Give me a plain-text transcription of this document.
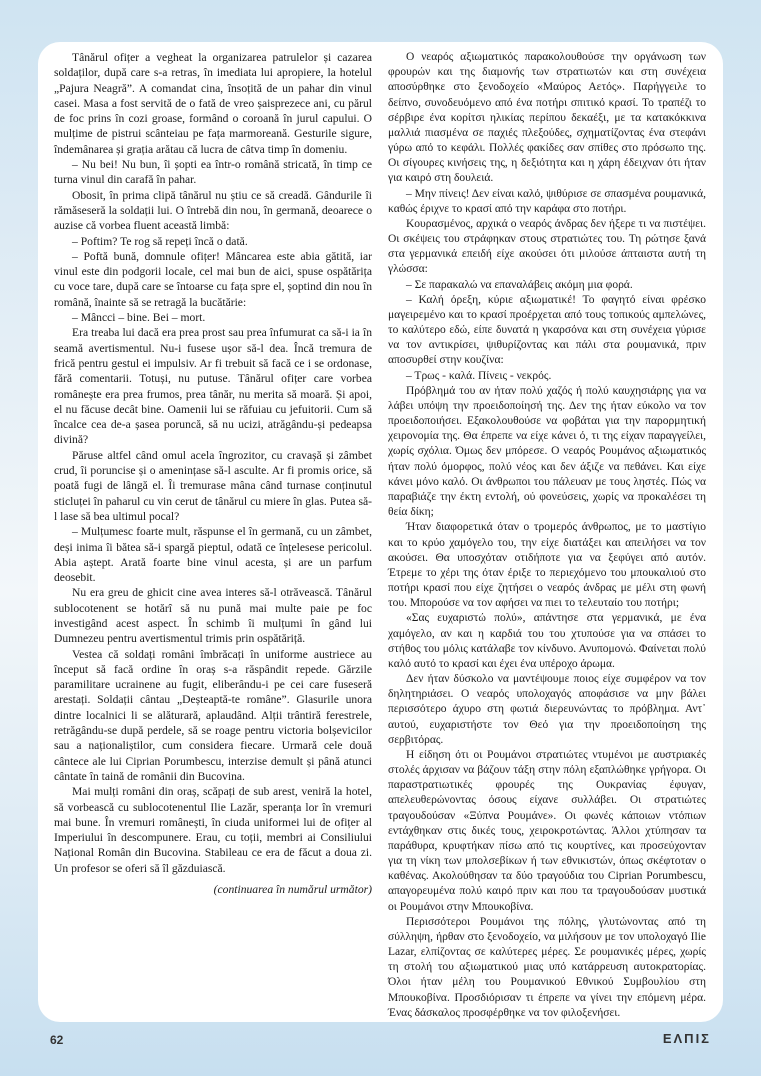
Tânărul ofițer a vegheat la organizarea patrulelor și cazarea soldaților, după care s-a retras, în imediata lui apropiere, la hotelul „Pajura Neagră”. A comandat cina, însoțită de un pahar din vinul casei. Masa a fost servită de o fată de vreo șaisprezece ani, cu părul de foc prins în cozi groase, formând o coroană în jurul capului. O mulțime de pistrui scânteiau pe fața marmoreană. Gesturile sigure, îndemânarea și grația arătau că lucra de câtva timp în domeniu.

– Nu bei! Nu bun, îi șopti ea într-o română stricată, în timp ce turna vinul din carafă în pahar.

Obosit, în prima clipă tânărul nu știu ce să creadă. Gândurile îi rămăseseră la soldații lui. O întrebă din nou, în germană, deoarece o auzise că vorbea fluent această limbă:

– Poftim? Te rog să repeți încă o dată.

– Poftă bună, domnule ofițer! Mâncarea este abia gătită, iar vinul este din podgorii locale, cel mai bun de aici, spuse ospătărița cu voce tare, după care se întoarse cu fața spre el, șoptind din nou în română, înainte să se retragă la bucătărie:

– Mâncci – bine. Bei – mort.

Era treaba lui dacă era prea prost sau prea înfumurat ca să-i ia în seamă avertismentul. Nu-i fusese ușor să-l dea. Încă tremura de frică pentru gestul ei impulsiv. Ar fi trebuit să facă ce i se ordonase, fără comentarii. Totuși, nu putuse. Tânărul ofițer care vorbea românește era prea frumos, prea tânăr, nu merita să moară. Și apoi, el nu făcuse decât bine. Oamenii lui se răfuiau cu jefuitorii. Cum să încalce cea de-a șasea poruncă, să nu ucizi, atrăgându-și pedeapsa divină?

Păruse altfel când omul acela îngrozitor, cu cravașă și zâmbet crud, îi poruncise și o amenințase să-l asculte. Ar fi promis orice, să poată fugi de lângă el. Îi tremurase mâna când turnase conținutul sticluței în paharul cu vin cerut de tânărul cu miere în glas. Putea să-l lase să bea ultimul pocal?

– Mulțumesc foarte mult, răspunse el în germană, cu un zâmbet, deși inima îi bătea să-i spargă pieptul, odată ce înțelesese pericolul. Abia aștept. Arată foarte bine vinul acesta, și are un parfum deosebit.

Nu era greu de ghicit cine avea interes să-l otrăvească. Tânărul sublocotenent se hotărî să nu pună mai multe paie pe foc investigând acest aspect. În schimb îi mulțumi în gând lui Dumnezeu pentru avertismentul trimis prin ospătăriță.

Vestea că soldați români îmbrăcați în uniforme austriece au început să facă ordine în oraș s-a răspândit repede. Gărzile paramilitare ucrainene au fugit, eliberându-i pe cei care fuseseră arestați. Soldații cântau „Deșteaptă-te române”. Glasurile unora dintre localnici li se alăturară, aplaudând. Alții trântiră ferestrele, retrăgându-se după perdele, să se roage pentru victoria bolșevicilor sau a naționaliștilor, cum considera fiecare. Urmară cele două cântece ale lui Ciprian Porumbescu, interzise demult și până atunci cântate în taină de românii din Bucovina.

Mai mulți români din oraș, scăpați de sub arest, veniră la hotel, să vorbească cu sublocotenentul Ilie Lazăr, speranța lor în vremuri mai bune. În vremuri românești, în ciuda uniformei lui de ofițer al Imperiului în descompunere. Erau, cu toții, membri ai Consiliului Național Român din Bucovina. Stabileau ce era de făcut a doua zi. Un profesor se oferi să îl găzduiască.

(continuarea în numărul următor)

Ο νεαρός αξιωματικός παρακολουθούσε την οργάνωση των φρουρών και της διαμονής των στρατιωτών και στη συνέχεια αποσύρθηκε στο ξενοδοχείο «Μαύρος Αετός». Παρήγγειλε το δείπνο, συνοδευόμενο από ένα ποτήρι σπιτικό κρασί. Το τραπέζι το σέρβιρε ένα κορίτσι ηλικίας περίπου δεκαέξι, με τα κατακόκκινα μαλλιά πιασμένα σε παχιές πλεξούδες, σχηματίζοντας ένα στεφάνι γύρω από το κεφάλι. Πολλές φακίδες σαν σπίθες στο πρόσωπο της. Οι σίγουρες κινήσεις της, η δεξιότητα και η χάρη έδειχναν ότι ήταν για καιρό στη δουλειά.

– Μην πίνεις! Δεν είναι καλό, ψιθύρισε σε σπασμένα ρουμανικά, καθώς έριχνε το κρασί από την καράφα στο ποτήρι.

Κουρασμένος, αρχικά ο νεαρός άνδρας δεν ήξερε τι να πιστέψει. Οι σκέψεις του στράφηκαν στους στρατιώτες του. Τη ρώτησε ξανά στα γερμανικά επειδή είχε ακούσει ότι μιλούσε άπταιστα αυτή τη γλώσσα:

– Σε παρακαλώ να επαναλάβεις ακόμη μια φορά.

– Καλή όρεξη, κύριε αξιωματικέ! Το φαγητό είναι φρέσκο μαγειρεμένο και το κρασί προέρχεται από τους τοπικούς αμπελώνες, το καλύτερο εδώ, είπε δυνατά η γκαρσόνα και στη συνέχεια γύρισε να τον αντικρίσει, ψιθυρίζοντας και πάλι στα ρουμανικά, πριν αποσυρθεί στην κουζίνα:

– Τρως - καλά. Πίνεις - νεκρός.

Πρόβλημά του αν ήταν πολύ χαζός ή πολύ καυχησιάρης για να λάβει υπόψη την προειδοποίησή της. Δεν της ήταν εύκολο να τον προειδοποιήσει. Εξακολουθούσε να φοβάται για την παρορμητική χειρονομία της. Θα έπρεπε να είχε κάνει ό, τι της είχαν παραγγείλει, χωρίς σχόλια. Όμως δεν μπόρεσε. Ο νεαρός Ρουμάνος αξιωματικός ήταν πολύ όμορφος, πολύ νέος και δεν άξιζε να πεθάνει. Και είχε κάνει μόνο καλό. Οι άνθρωποι του πάλευαν με τους ληστές. Πώς να παραβιάζε την έκτη εντολή, ού φονεύσεις, χωρίς να προκαλέσει τη θεία δίκη;

Ήταν διαφορετικά όταν ο τρομερός άνθρωπος, με το μαστίγιο και το κρύο χαμόγελο του, την είχε διατάξει και απειλήσει να τον ακούσει. Θα υποσχόταν οτιδήποτε για να ξεφύγει από αυτόν. Έτρεμε το χέρι της όταν έριξε το περιεχόμενο του μπουκαλιού στο ποτήρι κρασί που είχε ζητήσει ο νεαρός άνδρας με μέλι στη φωνή του. Μπορούσε να τον αφήσει να πιει το τελευταίο του ποτήρι;

«Σας ευχαριστώ πολύ», απάντησε στα γερμανικά, με ένα χαμόγελο, αν και η καρδιά του του χτυπούσε για να σπάσει το στήθος του μόλις κατάλαβε τον κίνδυνο. Ανυπομονώ. Φαίνεται πολύ καλό αυτό το κρασί και έχει ένα υπέροχο άρωμα.

Δεν ήταν δύσκολο να μαντέψουμε ποιος είχε συμφέρον να τον δηλητηριάσει. Ο νεαρός υπολοχαγός αποφάσισε να μην βάλει περισσότερο άχυρο στη φωτιά διερευνώντας το πρόβλημα. Αντ᾽ αυτού, ευχαριστήστε τον Θεό για την προειδοποίηση της σερβιτόρας.

Η είδηση ότι οι Ρουμάνοι στρατιώτες ντυμένοι με αυστριακές στολές άρχισαν να βάζουν τάξη στην πόλη εξαπλώθηκε γρήγορα. Οι παραστρατιωτικές φρουρές της Ουκρανίας έφυγαν, απελευθερώνοντας όσους είχανε συλλάβει. Οι στρατιώτες τραγουδούσαν «Ξύπνα Ρουμάνε». Οι φωνές κάποιων ντόπιων εντάχθηκαν στις δικές τους, χειροκροτώντας. Άλλοι χτύπησαν τα παράθυρα, κρυφτήκαν πίσω από τις κουρτίνες, και προσεύχονταν για τη νίκη των μπολσεβίκων ή των εθνικιστών, όπως σκέφτοταν ο καθένας. Ακολούθησαν τα δύο τραγούδια του Ciprian Porumbescu, απαγορευμένα πολύ καιρό πριν και που τα τραγουδούσαν μυστικά οι Ρουμάνοι στην Μπουκοβίνα.

Περισσότεροι Ρουμάνοι της πόλης, γλυτώνοντας από τη σύλληψη, ήρθαν στο ξενοδοχείο, να μιλήσουν με τον υπολοχαγό Ilie Lazar, ελπίζοντας σε καλύτερες μέρες. Σε ρουμανικές μέρες, χωρίς τη στολή του αξιωματικού μιας υπό κατάρρευση αυτοκρατορίας. Όλοι ήταν μέλη του Ρουμανικού Εθνικού Συμβουλίου στη Μπουκοβίνα. Προσδιόρισαν τι έπρεπε να γίνει την επόμενη μέρα. Ένας δάσκαλος προσφέρθηκε να τον φιλοξενήσει.

62	ΕΛΠΙΣ
